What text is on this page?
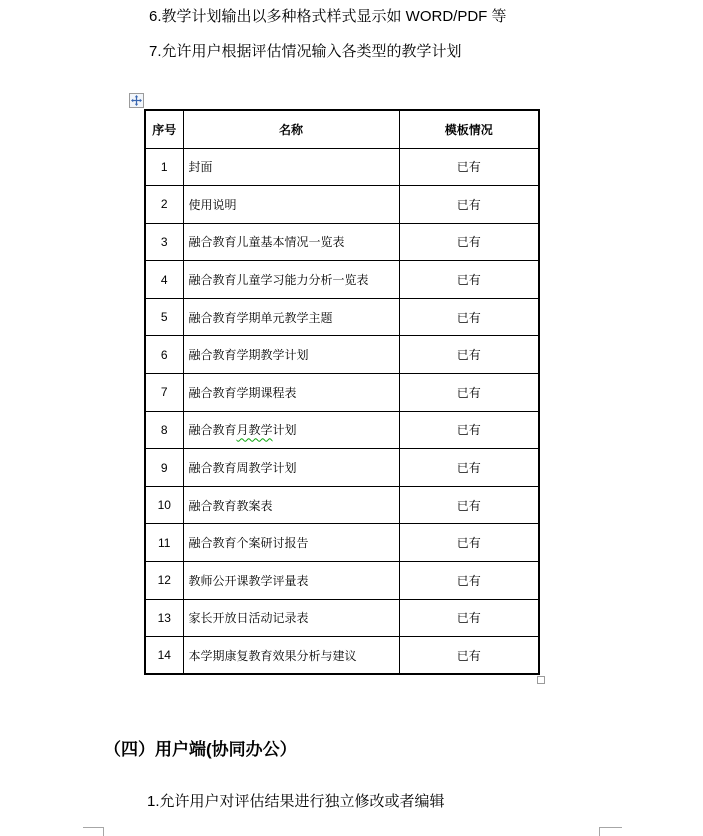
6.教学计划输出以多种格式样式显示如 WORD/PDF 等

7.允许用户根据评估情况输入各类型的教学计划

序号	名称	模板情况
1	封面	已有
2	使用说明	已有
3	融合教育儿童基本情况一览表	已有
4	融合教育儿童学习能力分析一览表	已有
5	融合教育学期单元教学主题	已有
6	融合教育学期教学计划	已有
7	融合教育学期课程表	已有
8	融合教育月教学计划	已有
9	融合教育周教学计划	已有
10	融合教育教案表	已有
11	融合教育个案研讨报告	已有
12	教师公开课教学评量表	已有
13	家长开放日活动记录表	已有
14	本学期康复教育效果分析与建议	已有
（四）用户端(协同办公）

1.允许用户对评估结果进行独立修改或者编辑
